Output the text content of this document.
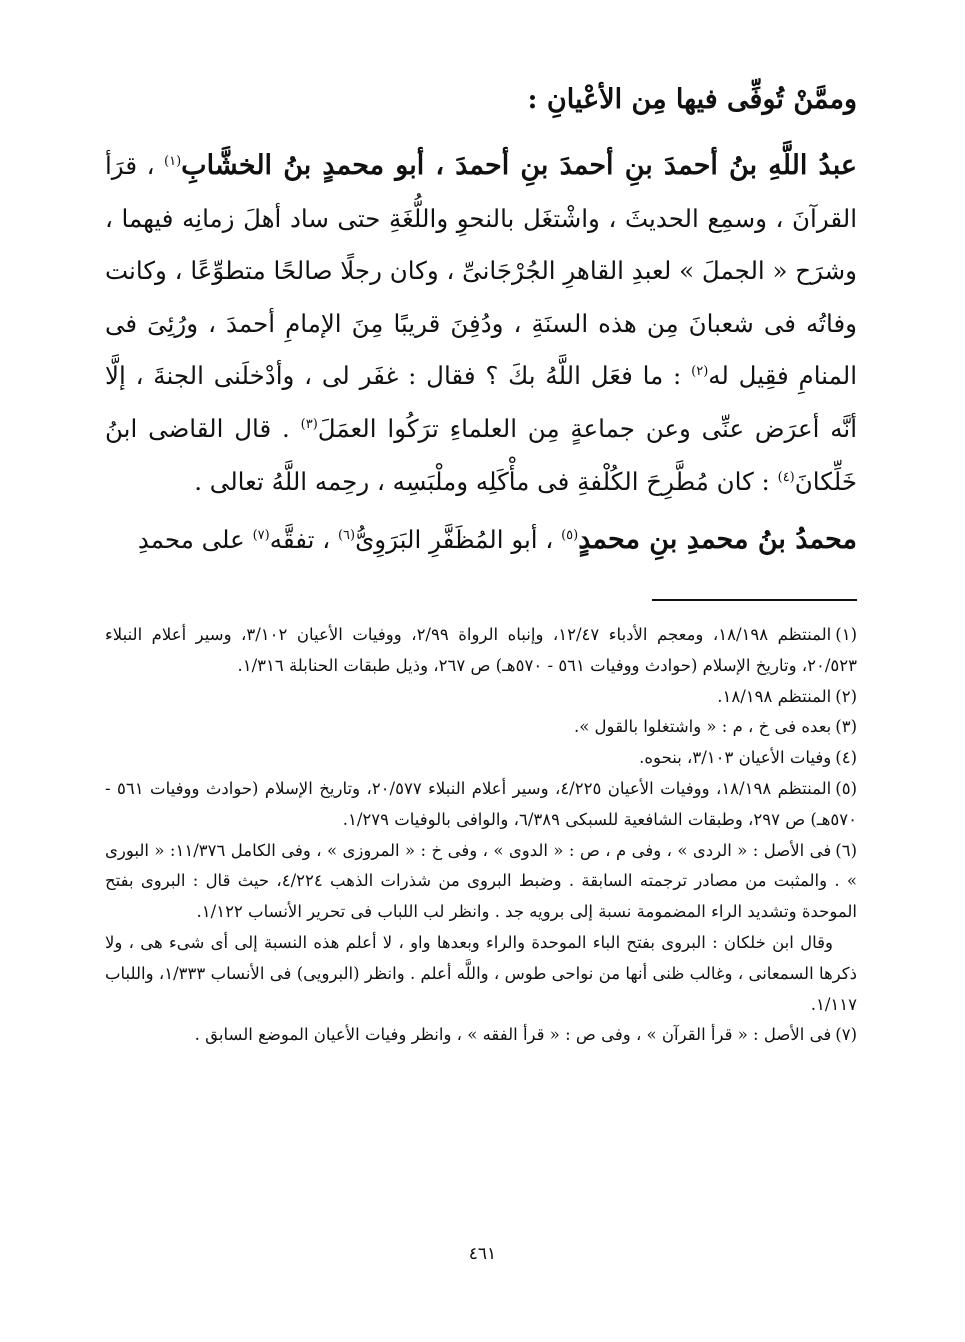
وممَّنْ تُوفِّى فيها مِن الأعْيانِ :

عبدُ اللَّهِ بنُ أحمدَ بنِ أحمدَ بنِ أحمدَ ، أبو محمدٍ بنُ الخشَّابِ$^{(١)}$ ، قرَأ القرآنَ ، وسمِع الحديثَ ، واشْتغَل بالنحوِ واللُّغَةِ حتى ساد أهلَ زمانِه فيهما ، وشرَح « الجملَ » لعبدِ القاهرِ الجُرْجَانىِّ ، وكان رجلًا صالحًا متطوِّعًا ، وكانت وفاتُه فى شعبانَ مِن هذه السنَةِ ، ودُفِنَ قريبًا مِنَ الإمامِ أحمدَ ، ورُئِىَ فى المنامِ فقِيل له$^{(٢)}$ : ما فعَل اللَّهُ بكَ ؟ فقال : غفَر لى ، وأدْخلَنى الجنةَ ، إلَّا أنَّه أعرَض عنِّى وعن جماعةٍ مِن العلماءِ ترَكُوا العمَلَ$^{(٣)}$ . قال القاضى ابنُ خَلِّكانَ$^{(٤)}$ : كان مُطَّرِحَ الكُلْفةِ فى مأْكَلِه وملْبَسِه ، رحِمه اللَّهُ تعالى .

محمدُ بنُ محمدِ بنِ محمدٍ$^{(٥)}$ ، أبو المُظَفَّرِ البَرَوِىُّ$^{(٦)}$ ، تفقَّه$^{(٧)}$ على محمدِ

(١)المنتظم ١٨/١٩٨، ومعجم الأدباء ١٢/٤٧، وإنباه الرواة ٢/٩٩، ووفيات الأعيان ٣/١٠٢، وسير أعلام النبلاء ٢٠/٥٢٣، وتاريخ الإسلام (حوادث ووفيات ٥٦١ - ٥٧٠هـ) ص ٢٦٧، وذيل طبقات الحنابلة ١/٣١٦.

(٢)المنتظم ١٨/١٩٨.

(٣)بعده فى خ ، م : « واشتغلوا بالقول ».

(٤)وفيات الأعيان ٣/١٠٣، بنحوه.

(٥)المنتظم ١٨/١٩٨، ووفيات الأعيان ٤/٢٢٥، وسير أعلام النبلاء ٢٠/٥٧٧، وتاريخ الإسلام (حوادث ووفيات ٥٦١ - ٥٧٠هـ) ص ٢٩٧، وطبقات الشافعية للسبكى ٦/٣٨٩، والوافى بالوفيات ١/٢٧٩.

(٦)فى الأصل : « الردى » ، وفى م ، ص : « الدوى » ، وفى خ : « المروزى » ، وفى الكامل ١١/٣٧٦: « البورى » . والمثبت من مصادر ترجمته السابقة . وضبط البروى من شذرات الذهب ٤/٢٢٤، حيث قال : البروى بفتح الموحدة وتشديد الراء المضمومة نسبة إلى برويه جد . وانظر لب اللباب فى تحرير الأنساب ١/١٢٢.

وقال ابن خلكان : البروى بفتح الباء الموحدة والراء وبعدها واو ، لا أعلم هذه النسبة إلى أى شىء هى ، ولا ذكرها السمعانى ، وغالب ظنى أنها من نواحى طوس ، واللَّه أعلم . وانظر (البرويى) فى الأنساب ١/٣٣٣، واللباب ١/١١٧.

(٧)فى الأصل : « قرأ القرآن » ، وفى ص : « قرأ الفقه » ، وانظر وفيات الأعيان الموضع السابق .

٤٦١
